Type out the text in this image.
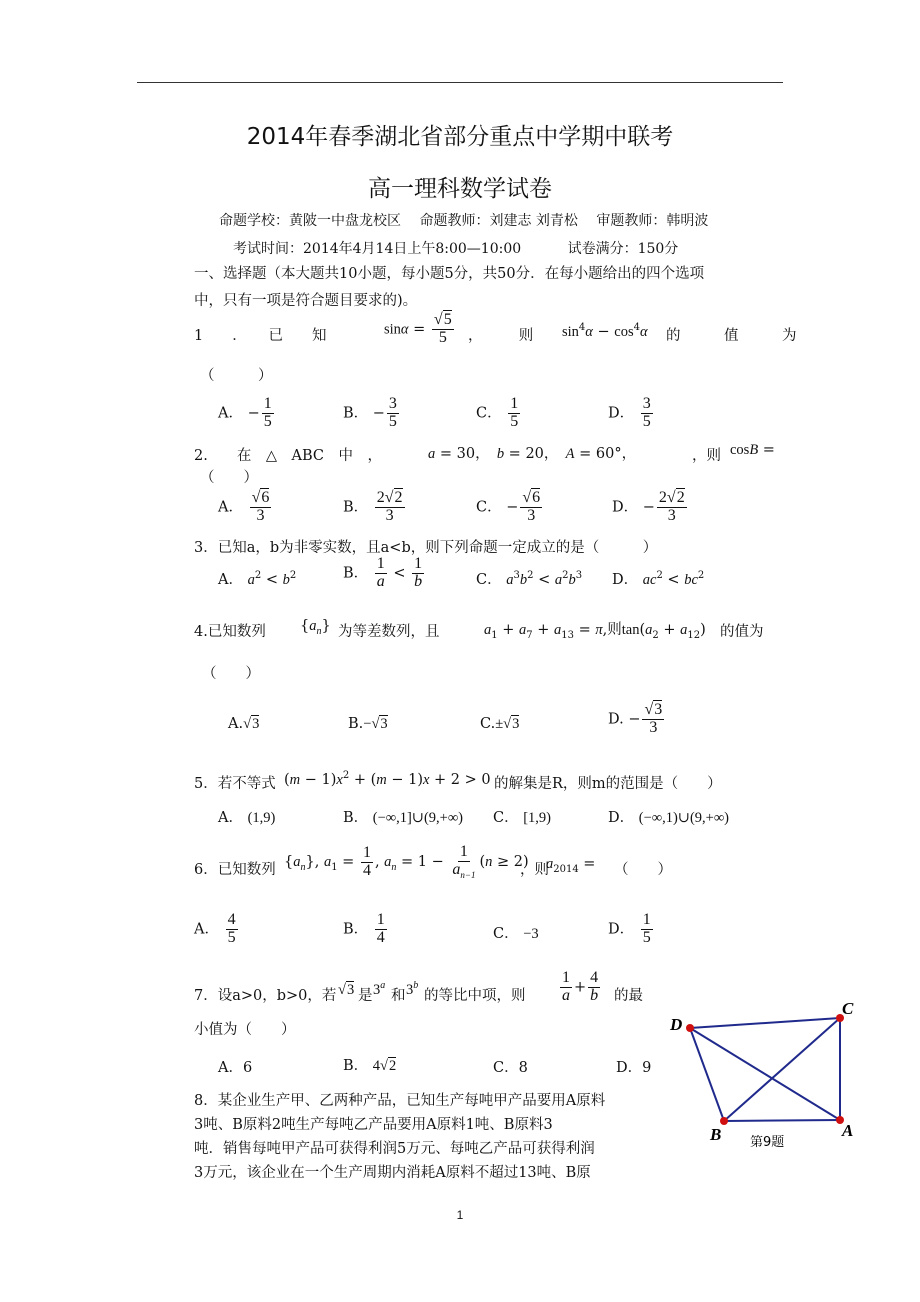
2014年春季湖北省部分重点中学期中联考
高一理科数学试卷
命题学校：黄陂一中盘龙校区　 命题教师：刘建志 刘青松　 审题教师：韩明波
考试时间：2014年4月14日上午8:00—10:00　　　 试卷满分：150分
一、选择题（本大题共10小题，每小题5分，共50分．在每小题给出的四个选项
中，只有一项是符合题目要求的)。
1　　．　　已　　知	$\sin\alpha = \frac{√5}{5}$ ，　　　则 $\sin^4\alpha - \cos^4\alpha$ 的　　　值　　　为
（　　　）
A． − $\frac{1}{5}$	B． − $\frac{3}{5}$	C． $\frac{1}{5}$	D． $\frac{3}{5}$
2.　　在　△　ABC　中　，	a = 30，　b = 20，　A = 60°，	，则 cosB =
（　　）
A． $\frac{√6}{3}$	B． $\frac{2√2}{3}$	C． − $\frac{√6}{3}$	D． − $\frac{2√2}{3}$
3．已知a，b为非零实数，且a<b，则下列命题一定成立的是（　　　）
A． $a^2 < b^2$	B． $\frac{1}{a} < \frac{1}{b}$	C． $a^3b^2 < a^2b^3$ D． $ac^2 < bc^2$
4.已知数列 $\{a_n\}$ 为等差数列，且	$a_1 + a_7 + a_{13} = \pi$,则$\tan(a_2 + a_{12})$ 的值为
（　　）
A.√3	B.−√3	C.±√3	D. − $\frac{√3}{3}$
5．若不等式 $(m - 1)x^2 + (m - 1)x + 2 > 0$ 的解集是R，则m的范围是（　　）
A． (1,9)	B． (−∞,1]∪(9,+∞) C． [1,9)	D． (−∞,1)∪(9,+∞)
6．已知数列 $\{a_n\}$, $a_1 = \frac{1}{4}$ , $a_n = 1 - \frac{1}{a_{n-1}} (n \ge 2)$
，则
$a_{2014}$ = （　　）
A． $\frac{4}{5}$	B． $\frac{1}{4}$	C． −3	D． $\frac{1}{5}$
7．设a>0，b>0，若 √3 是 3$^a$
和 3$^b$
的等比中项，则 $\frac{1}{a} + \frac{4}{b}$ 的最
小值为（　　）
A．6	B． 4√2	C．8	D．9
8．某企业生产甲、乙两种产品，已知生产每吨甲产品要用A原料
3吨、B原料2吨生产每吨乙产品要用A原料1吨、B原料3
吨．销售每吨甲产品可获得利润5万元、每吨乙产品可获得利润
3万元，该企业在一个生产周期内消耗A原料不超过13吨、B原
D
C
B	A
第9题
1
